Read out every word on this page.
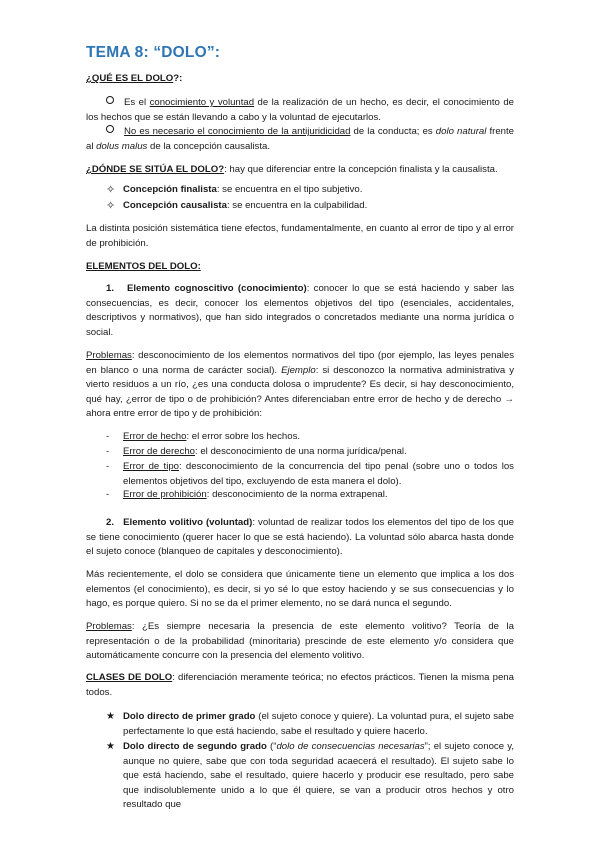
TEMA 8: “DOLO”:
¿QUÉ ES EL DOLO?:
Es el conocimiento y voluntad de la realización de un hecho, es decir, el conocimiento de los hechos que se están llevando a cabo y la voluntad de ejecutarlos.
No es necesario el conocimiento de la antijuridicidad de la conducta; es dolo natural frente al dolus malus de la concepción causalista.
¿DÓNDE SE SITÚA EL DOLO?: hay que diferenciar entre la concepción finalista y la causalista.
✧ Concepción finalista: se encuentra en el tipo subjetivo.
✧ Concepción causalista: se encuentra en la culpabilidad.
La distinta posición sistemática tiene efectos, fundamentalmente, en cuanto al error de tipo y al error de prohibición.
ELEMENTOS DEL DOLO:
1. Elemento cognoscitivo (conocimiento): conocer lo que se está haciendo y saber las consecuencias, es decir, conocer los elementos objetivos del tipo (esenciales, accidentales, descriptivos y normativos), que han sido integrados o concretados mediante una norma jurídica o social.
Problemas: desconocimiento de los elementos normativos del tipo (por ejemplo, las leyes penales en blanco o una norma de carácter social). Ejemplo: si desconozco la normativa administrativa y vierto residuos a un río, ¿es una conducta dolosa o imprudente? Es decir, si hay desconocimiento, qué hay, ¿error de tipo o de prohibición? Antes diferenciaban entre error de hecho y de derecho → ahora entre error de tipo y de prohibición:
- Error de hecho: el error sobre los hechos.
- Error de derecho: el desconocimiento de una norma jurídica/penal.
- Error de tipo: desconocimiento de la concurrencia del tipo penal (sobre uno o todos los elementos objetivos del tipo, excluyendo de esta manera el dolo).
- Error de prohibición: desconocimiento de la norma extrapenal.
2. Elemento volitivo (voluntad): voluntad de realizar todos los elementos del tipo de los que se tiene conocimiento (querer hacer lo que se está haciendo). La voluntad sólo abarca hasta donde el sujeto conoce (blanqueo de capitales y desconocimiento).
Más recientemente, el dolo se considera que únicamente tiene un elemento que implica a los dos elementos (el conocimiento), es decir, si yo sé lo que estoy haciendo y se sus consecuencias y lo hago, es porque quiero. Si no se da el primer elemento, no se dará nunca el segundo.
Problemas: ¿Es siempre necesaria la presencia de este elemento volitivo? Teoría de la representación o de la probabilidad (minoritaria) prescinde de este elemento y/o considera que automáticamente concurre con la presencia del elemento volitivo.
CLASES DE DOLO: diferenciación meramente teórica; no efectos prácticos. Tienen la misma pena todos.
★ Dolo directo de primer grado (el sujeto conoce y quiere). La voluntad pura, el sujeto sabe perfectamente lo que está haciendo, sabe el resultado y quiere hacerlo.
★ Dolo directo de segundo grado (“dolo de consecuencias necesarias”; el sujeto conoce y, aunque no quiere, sabe que con toda seguridad acaecerá el resultado). El sujeto sabe lo que está haciendo, sabe el resultado, quiere hacerlo y producir ese resultado, pero sabe que indisolublemente unido a lo que él quiere, se van a producir otros hechos y otro resultado que
